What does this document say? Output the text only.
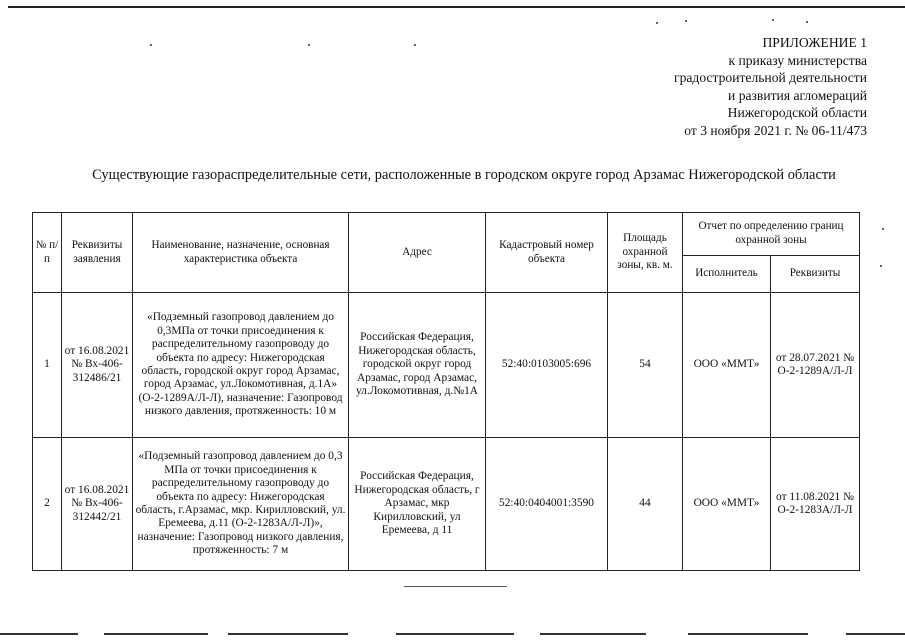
ПРИЛОЖЕНИЕ 1
к приказу министерства
градостроительной деятельности
и развития агломераций
Нижегородской области
от 3 ноября 2021 г. № 06-11/473
Существующие газораспределительные сети, расположенные в городском округе город Арзамас Нижегородской области
№ п/п	Реквизиты заявления	Наименование, назначение, основная характеристика объекта	Адрес	Кадастровый номер объекта	Площадь охранной зоны, кв. м.	Отчет по определению границ охранной зоны	
						Исполнитель	Реквизиты
1	от 16.08.2021 № Вх-406-312486/21	«Подземный газопровод давлением до 0,3МПа от точки присоединения к распределительному газопроводу до объекта по адресу: Нижегородская область, городской округ город Арзамас, город Арзамас, ул.Локомотивная, д.1А» (О-2-1289А/Л-Л), назначение: Газопровод низкого давления, протяженность: 10 м	Российская Федерация, Нижегородская область, городской округ город Арзамас, город Арзамас, ул.Локомотивная, д.№1А	52:40:0103005:696	54	ООО «ММТ»	от 28.07.2021 № О-2-1289А/Л-Л
2	от 16.08.2021 № Вх-406-312442/21	«Подземный газопровод давлением до 0,3 МПа от точки присоединения к распределительному газопроводу до объекта по адресу: Нижегородская область, г.Арзамас, мкр. Кирилловский, ул. Еремеева, д.11 (О-2-1283А/Л-Л)», назначение: Газопровод низкого давления, протяженность: 7 м	Российская Федерация, Нижегородская область, г Арзамас, мкр Кирилловский, ул Еремеева, д 11	52:40:0404001:3590	44	ООО «ММТ»	от 11.08.2021 № О-2-1283А/Л-Л
